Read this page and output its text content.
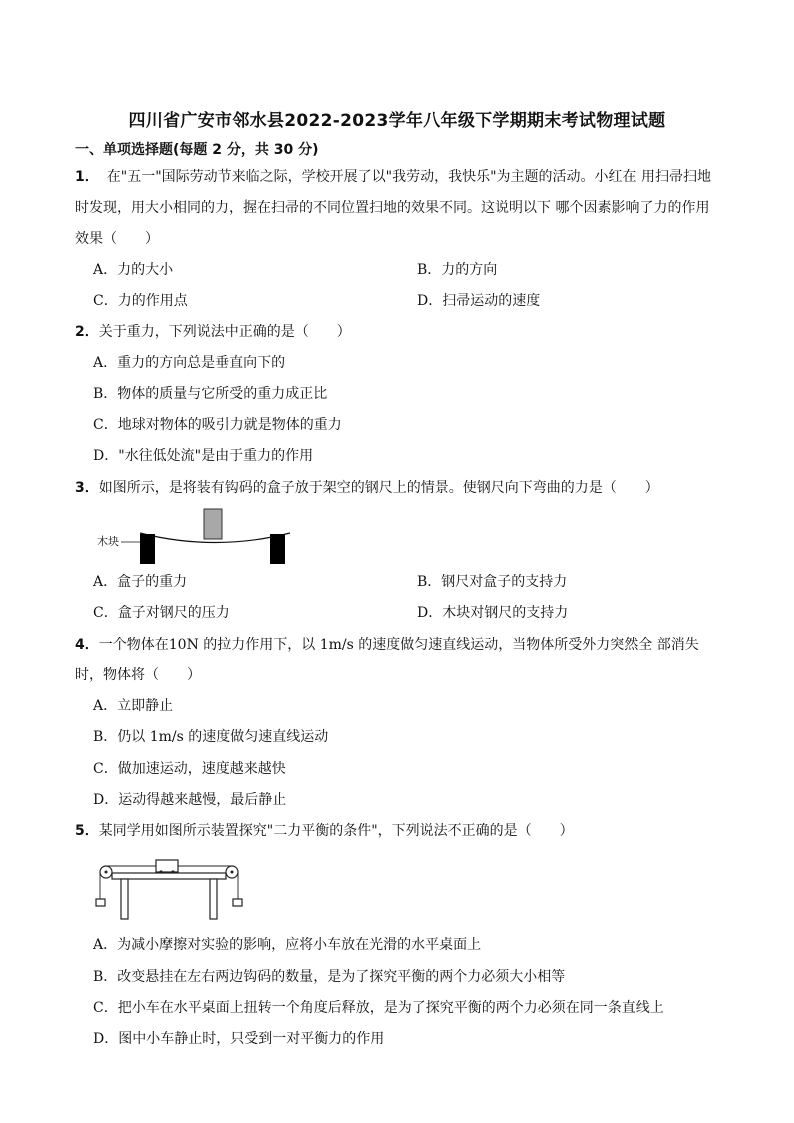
四川省广安市邻水县2022-2023学年八年级下学期期末考试物理试题
一、单项选择题(每题 2 分，共 30 分)
1． 在"五一"国际劳动节来临之际，学校开展了以"我劳动，我快乐"为主题的活动。小红在 用扫帚扫地
时发现，用大小相同的力，握在扫帚的不同位置扫地的效果不同。这说明以下 哪个因素影响了力的作用
效果（　　）
A．力的大小	B．力的方向
C．力的作用点	D．扫帚运动的速度
2．关于重力，下列说法中正确的是（　　）
A．重力的方向总是垂直向下的
B．物体的质量与它所受的重力成正比
C．地球对物体的吸引力就是物体的重力
D．"水往低处流"是由于重力的作用
3．如图所示，是将装有钩码的盒子放于架空的钢尺上的情景。使钢尺向下弯曲的力是（　　）
木块
A．盒子的重力	B．钢尺对盒子的支持力
C．盒子对钢尺的压力	D．木块对钢尺的支持力
4．一个物体在10N 的拉力作用下，以 1m/s 的速度做匀速直线运动，当物体所受外力突然全 部消失
时，物体将（　　）
A．立即静止
B．仍以 1m/s 的速度做匀速直线运动
C．做加速运动，速度越来越快
D．运动得越来越慢，最后静止
5．某同学用如图所示装置探究"二力平衡的条件"，下列说法不正确的是（　　）
A．为减小摩擦对实验的影响，应将小车放在光滑的水平桌面上
B．改变悬挂在左右两边钩码的数量，是为了探究平衡的两个力必须大小相等
C．把小车在水平桌面上扭转一个角度后释放，是为了探究平衡的两个力必须在同一条直线上
D．图中小车静止时，只受到一对平衡力的作用
